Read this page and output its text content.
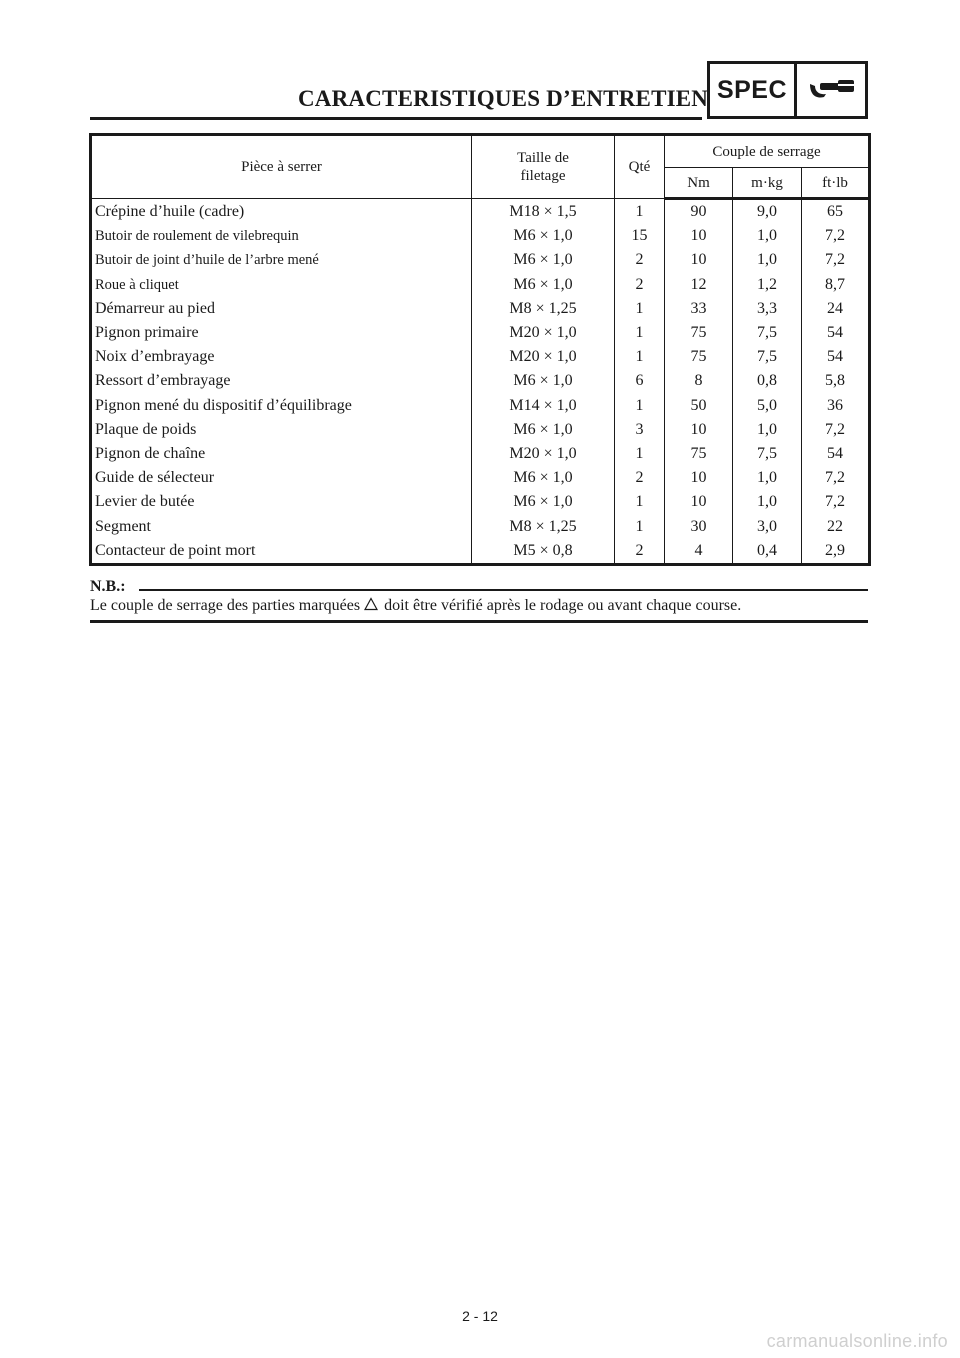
CARACTERISTIQUES D’ENTRETIEN SPEC
Pièce à serrer	Taille de filetage	Qté	Couple de serrage		
			Nm	m·kg	ft·lb
Crépine d’huile (cadre)	M18 × 1,5	1	90	9,0	65
Butoir de roulement de vilebrequin	M6 × 1,0	15	10	1,0	7,2
Butoir de joint d’huile de l’arbre mené	M6 × 1,0	2	10	1,0	7,2
Roue à cliquet	M6 × 1,0	2	12	1,2	8,7
Démarreur au pied	M8 × 1,25	1	33	3,3	24
Pignon primaire	M20 × 1,0	1	75	7,5	54
Noix d’embrayage	M20 × 1,0	1	75	7,5	54
Ressort d’embrayage	M6 × 1,0	6	8	0,8	5,8
Pignon mené du dispositif d’équilibrage	M14 × 1,0	1	50	5,0	36
Plaque de poids	M6 × 1,0	3	10	1,0	7,2
Pignon de chaîne	M20 × 1,0	1	75	7,5	54
Guide de sélecteur	M6 × 1,0	2	10	1,0	7,2
Levier de butée	M6 × 1,0	1	10	1,0	7,2
Segment	M8 × 1,25	1	30	3,0	22
Contacteur de point mort	M5 × 0,8	2	4	0,4	2,9
N.B.:
Le couple de serrage des parties marquées doit être vérifié après le rodage ou avant chaque course.
2 - 12
carmanualsonline.info
